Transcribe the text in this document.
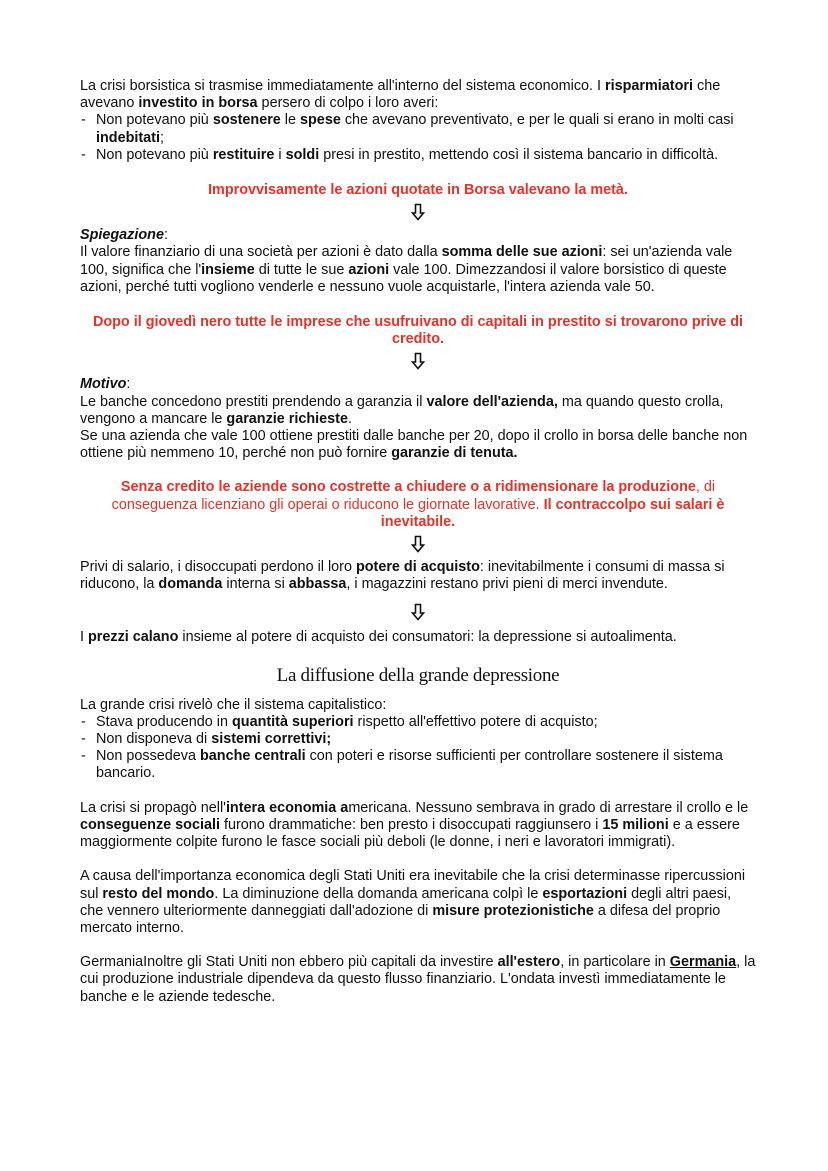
La crisi borsistica si trasmise immediatamente all'interno del sistema economico. I risparmiatori che avevano investito in borsa persero di colpo i loro averi:

- Non potevano più sostenere le spese che avevano preventivato, e per le quali si erano in molti casi indebitati;
- Non potevano più restituire i soldi presi in prestito, mettendo così il sistema bancario in difficoltà.

Improvvisamente le azioni quotate in Borsa valevano la metà.

Spiegazione:
Il valore finanziario di una società per azioni è dato dalla somma delle sue azioni: sei un'azienda vale 100, significa che l'insieme di tutte le sue azioni vale 100. Dimezzandosi il valore borsistico di queste azioni, perché tutti vogliono venderle e nessuno vuole acquistarle, l'intera azienda vale 50.

Dopo il giovedì nero tutte le imprese che usufruivano di capitali in prestito si trovarono prive di credito.

Motivo:
Le banche concedono prestiti prendendo a garanzia il valore dell'azienda, ma quando questo crolla, vengono a mancare le garanzie richieste.
Se una azienda che vale 100 ottiene prestiti dalle banche per 20, dopo il crollo in borsa delle banche non ottiene più nemmeno 10, perché non può fornire garanzie di tenuta.

Senza credito le aziende sono costrette a chiudere o a ridimensionare la produzione, di conseguenza licenziano gli operai o riducono le giornate lavorative. Il contraccolpo sui salari è inevitabile.

Privi di salario, i disoccupati perdono il loro potere di acquisto: inevitabilmente i consumi di massa si riducono, la domanda interna si abbassa, i magazzini restano privi pieni di merci invendute.

I prezzi calano insieme al potere di acquisto dei consumatori: la depressione si autoalimenta.

La diffusione della grande depressione

La grande crisi rivelò che il sistema capitalistico:

- Stava producendo in quantità superiori rispetto all'effettivo potere di acquisto;
- Non disponeva di sistemi correttivi;
- Non possedeva banche centrali con poteri e risorse sufficienti per controllare sostenere il sistema bancario.

La crisi si propagò nell'intera economia americana. Nessuno sembrava in grado di arrestare il crollo e le conseguenze sociali furono drammatiche: ben presto i disoccupati raggiunsero i 15 milioni e a essere maggiormente colpite furono le fasce sociali più deboli (le donne, i neri e lavoratori immigrati).

A causa dell'importanza economica degli Stati Uniti era inevitabile che la crisi determinasse ripercussioni sul resto del mondo. La diminuzione della domanda americana colpì le esportazioni degli altri paesi, che vennero ulteriormente danneggiati dall'adozione di misure protezionistiche a difesa del proprio mercato interno.

GermaniaInoltre gli Stati Uniti non ebbero più capitali da investire all'estero, in particolare in Germania, la cui produzione industriale dipendeva da questo flusso finanziario. L'ondata investì immediatamente le banche e le aziende tedesche.
